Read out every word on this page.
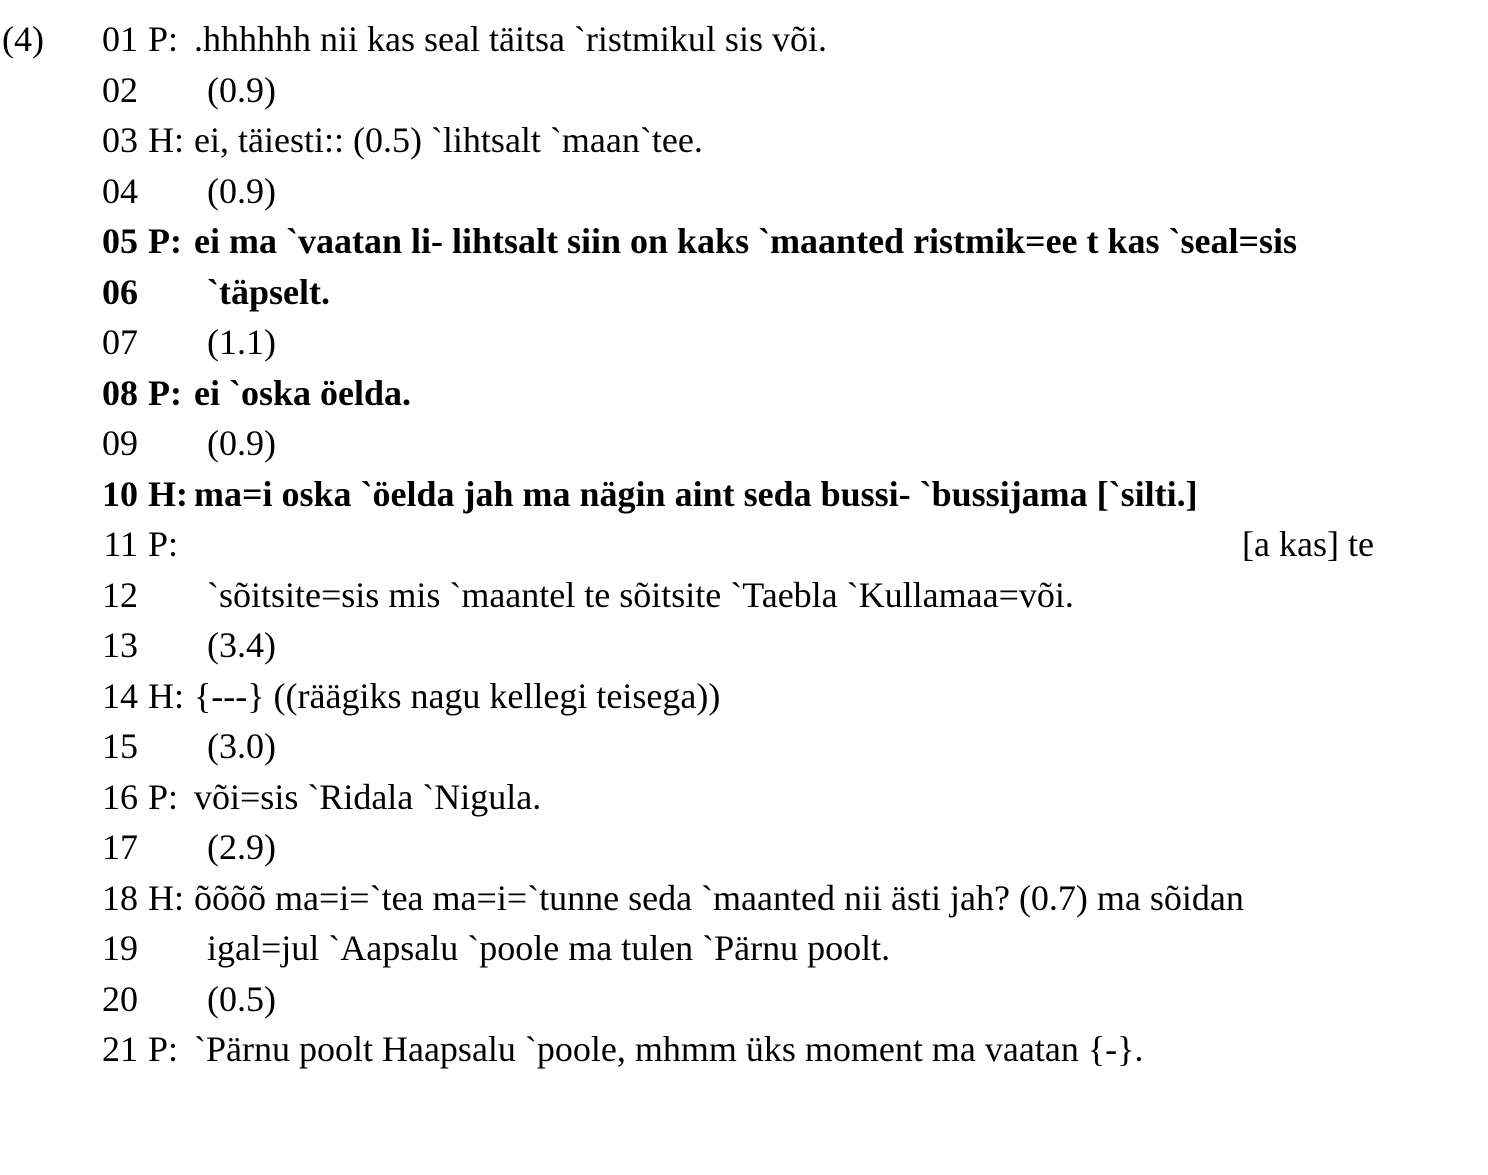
(4)	01 P: .hhhhhh nii kas seal täitsa `ristmikul sis või.
02	(0.9)
03 H: ei, täiesti:: (0.5) `lihtsalt `maan`tee.
04	(0.9)
05 P: ei ma `vaatan li- lihtsalt siin on kaks `maanted ristmik=ee t kas `seal=sis
06	`täpselt.
07	(1.1)
08 P: ei `oska öelda.
09	(0.9)
10 H: ma=i oska `öelda jah ma nägin aint seda bussi- `bussijama [`silti.]
11 P:	[a kas] te
12	`sõitsite=sis mis `maantel te sõitsite `Taebla `Kullamaa=või.
13	(3.4)
14 H: {---} ((räägiks nagu kellegi teisega))
15	(3.0)
16 P: või=sis `Ridala `Nigula.
17	(2.9)
18 H: õõõõ ma=i=`tea ma=i=`tunne seda `maanted nii ästi jah? (0.7) ma sõidan
19	igal=jul `Aapsalu `poole ma tulen `Pärnu poolt.
20	(0.5)
21 P: `Pärnu poolt Haapsalu `poole, mhmm üks moment ma vaatan {-}.
